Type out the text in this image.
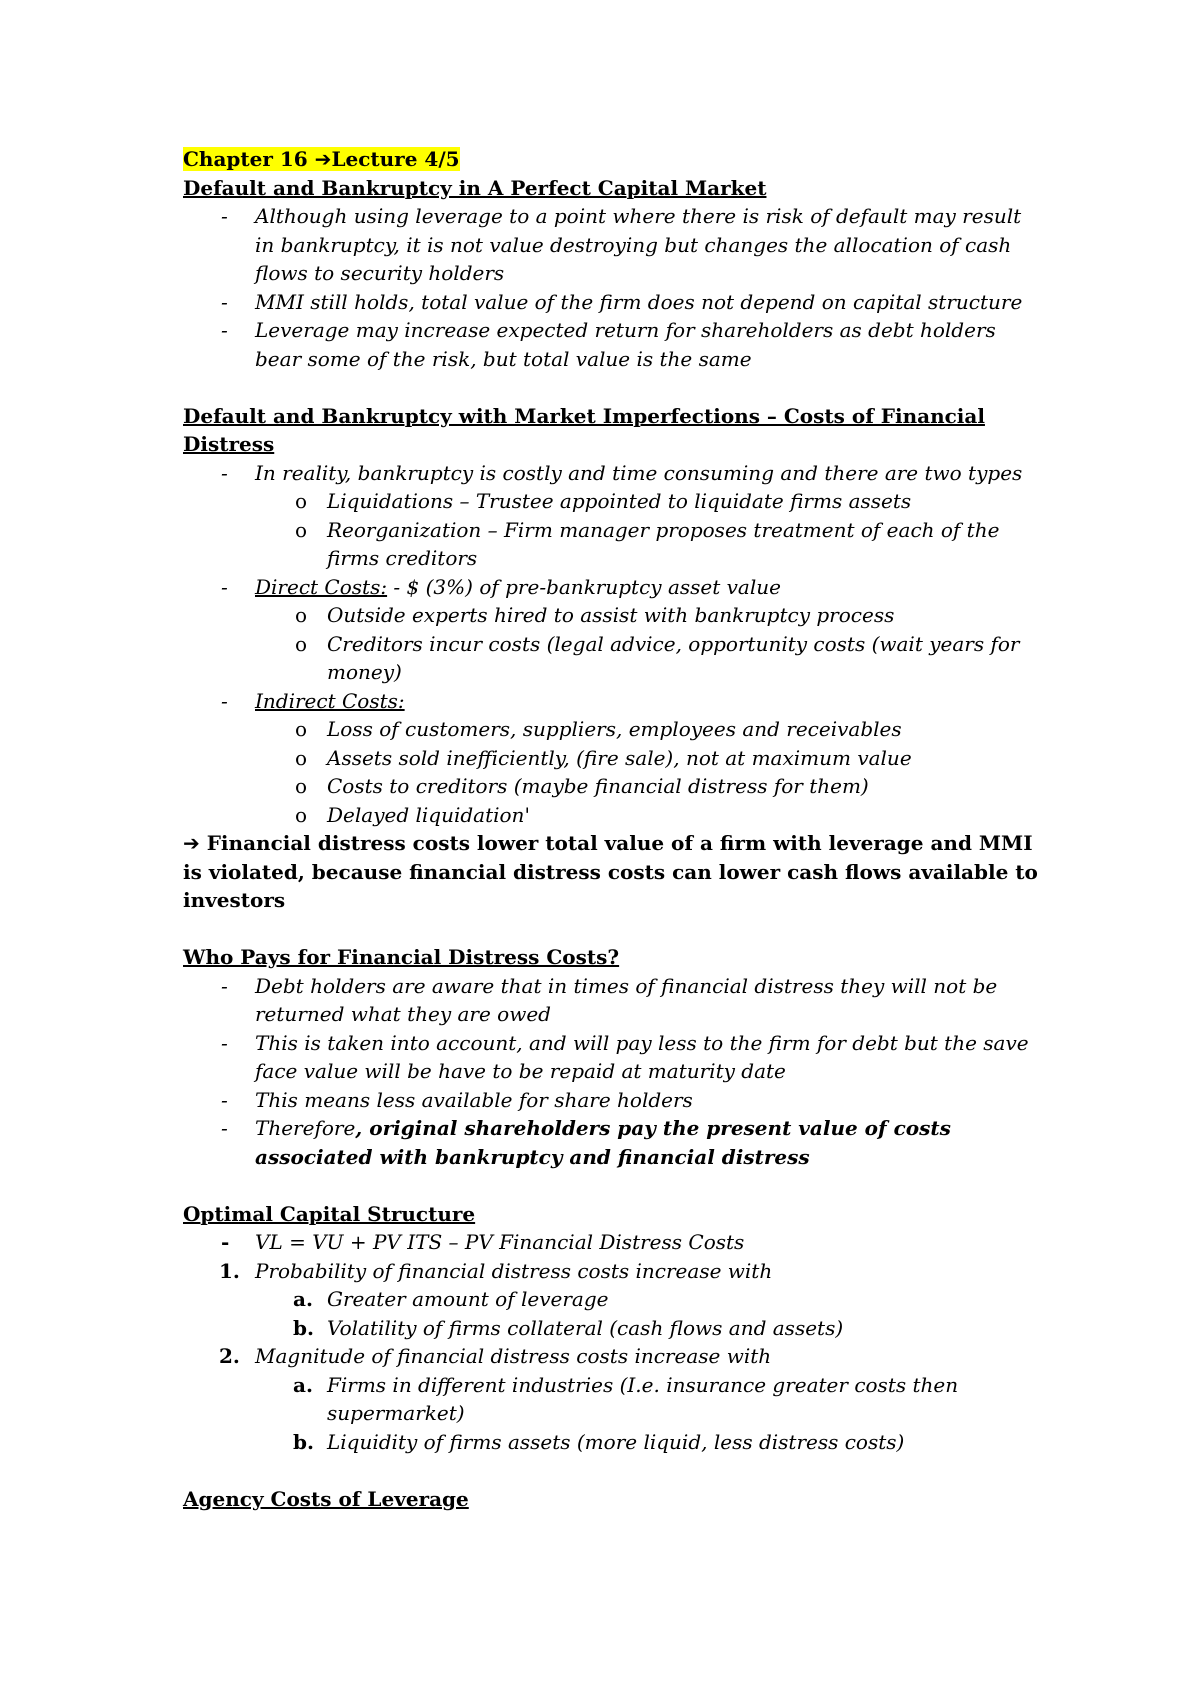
Chapter 16 ➔Lecture 4/5
Default and Bankruptcy in A Perfect Capital Market
-	Although using leverage to a point where there is risk of default may result
in bankruptcy, it is not value destroying but changes the allocation of cash
flows to security holders
-	MMI still holds, total value of the firm does not depend on capital structure
-	Leverage may increase expected return for shareholders as debt holders
bear some of the risk, but total value is the same
Default and Bankruptcy with Market Imperfections – Costs of Financial
Distress
-	In reality, bankruptcy is costly and time consuming and there are two types
o Liquidations – Trustee appointed to liquidate firms assets
o Reorganization – Firm manager proposes treatment of each of the
firms creditors
-	Direct Costs: - $ (3%) of pre-bankruptcy asset value
o Outside experts hired to assist with bankruptcy process
o Creditors incur costs (legal advice, opportunity costs (wait years for
money)
-	Indirect Costs:
o Loss of customers, suppliers, employees and receivables
o Assets sold inefficiently, (fire sale), not at maximum value
o Costs to creditors (maybe financial distress for them)
o Delayed liquidation'
➔ Financial distress costs lower total value of a firm with leverage and MMI
is violated, because financial distress costs can lower cash flows available to
investors
Who Pays for Financial Distress Costs?
-	Debt holders are aware that in times of financial distress they will not be
returned what they are owed
-	This is taken into account, and will pay less to the firm for debt but the save
face value will be have to be repaid at maturity date
-	This means less available for share holders
-	Therefore, original shareholders pay the present value of costs
associated with bankruptcy and financial distress
Optimal Capital Structure
-	VL = VU + PV ITS – PV Financial Distress Costs
1. Probability of financial distress costs increase with
a. Greater amount of leverage
b. Volatility of firms collateral (cash flows and assets)
2. Magnitude of financial distress costs increase with
a. Firms in different industries (I.e. insurance greater costs then
supermarket)
b. Liquidity of firms assets (more liquid, less distress costs)
Agency Costs of Leverage
